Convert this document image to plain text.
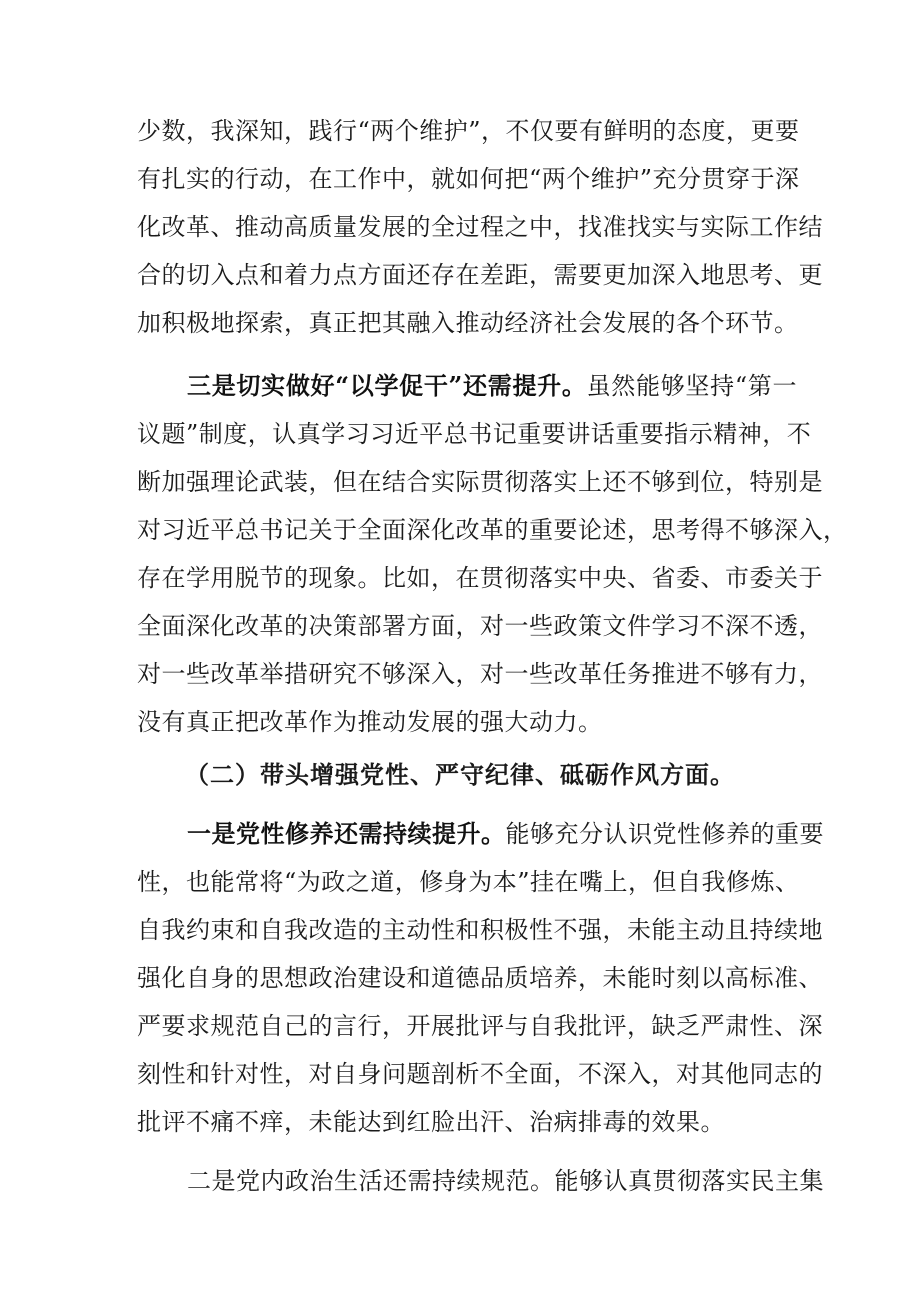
少数，我深知，践行“两个维护”，不仅要有鲜明的态度，更要
有扎实的行动，在工作中，就如何把“两个维护”充分贯穿于深
化改革、推动高质量发展的全过程之中，找准找实与实际工作结
合的切入点和着力点方面还存在差距，需要更加深入地思考、更
加积极地探索，真正把其融入推动经济社会发展的各个环节。
三是切实做好“以学促干”还需提升。虽然能够坚持“第一
议题”制度，认真学习习近平总书记重要讲话重要指示精神，不
断加强理论武装，但在结合实际贯彻落实上还不够到位，特别是
对习近平总书记关于全面深化改革的重要论述，思考得不够深入，
存在学用脱节的现象。比如，在贯彻落实中央、省委、市委关于
全面深化改革的决策部署方面，对一些政策文件学习不深不透，
对一些改革举措研究不够深入，对一些改革任务推进不够有力，
没有真正把改革作为推动发展的强大动力。
（二）带头增强党性、严守纪律、砥砺作风方面。
一是党性修养还需持续提升。能够充分认识党性修养的重要
性，也能常将“为政之道，修身为本”挂在嘴上，但自我修炼、
自我约束和自我改造的主动性和积极性不强，未能主动且持续地
强化自身的思想政治建设和道德品质培养，未能时刻以高标准、
严要求规范自己的言行，开展批评与自我批评，缺乏严肃性、深
刻性和针对性，对自身问题剖析不全面，不深入，对其他同志的
批评不痛不痒，未能达到红脸出汗、治病排毒的效果。
二是党内政治生活还需持续规范。能够认真贯彻落实民主集
